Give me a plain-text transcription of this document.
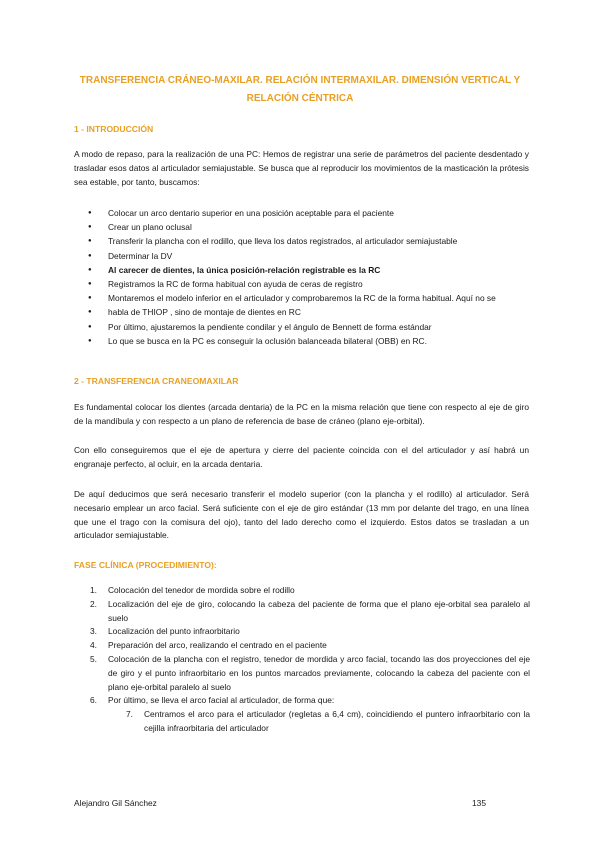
TRANSFERENCIA CRÁNEO-MAXILAR. RELACIÓN INTERMAXILAR. DIMENSIÓN VERTICAL Y RELACIÓN CÉNTRICA
1 - INTRODUCCIÓN
A modo de repaso, para la realización de una PC: Hemos de registrar una serie de parámetros del paciente desdentado y trasladar esos datos al articulador semiajustable. Se busca que al reproducir los movimientos de la masticación la prótesis sea estable, por tanto, buscamos:
● Colocar un arco dentario superior en una posición aceptable para el paciente
● Crear un plano oclusal
● Transferir la plancha con el rodillo, que lleva los datos registrados, al articulador semiajustable
● Determinar la DV
● Al carecer de dientes, la única posición-relación registrable es la RC
● Registramos la RC de forma habitual con ayuda de ceras de registro
● Montaremos el modelo inferior en el articulador y comprobaremos la RC de la forma habitual. Aquí no se
● habla de THIOP , sino de montaje de dientes en RC
● Por último, ajustaremos la pendiente condilar y el ángulo de Bennett de forma estándar
● Lo que se busca en la PC es conseguir la oclusión balanceada bilateral (OBB) en RC.
2 - TRANSFERENCIA CRANEOMAXILAR
Es fundamental colocar los dientes (arcada dentaria) de la PC en la misma relación que tiene con respecto al eje de giro de la mandíbula y con respecto a un plano de referencia de base de cráneo (plano eje-orbital).
Con ello conseguiremos que el eje de apertura y cierre del paciente coincida con el del articulador y así habrá un engranaje perfecto, al ocluir, en la arcada dentaria.
De aquí deducimos que será necesario transferir el modelo superior (con la plancha y el rodillo) al articulador. Será necesario emplear un arco facial. Será suficiente con el eje de giro estándar (13 mm por delante del trago, en una línea que une el trago con la comisura del ojo), tanto del lado derecho como el izquierdo. Estos datos se trasladan a un articulador semiajustable.
FASE CLÍNICA (PROCEDIMIENTO):
1. Colocación del tenedor de mordida sobre el rodillo
2. Localización del eje de giro, colocando la cabeza del paciente de forma que el plano eje-orbital sea paralelo al suelo
3. Localización del punto infraorbitario
4. Preparación del arco, realizando el centrado en el paciente
5. Colocación de la plancha con el registro, tenedor de mordida y arco facial, tocando las dos proyecciones del eje de giro y el punto infraorbitario en los puntos marcados previamente, colocando la cabeza del paciente con el plano eje-orbital paralelo al suelo
6. Por último, se lleva el arco facial al articulador, de forma que:
7. Centramos el arco para el articulador (regletas a 6,4 cm), coincidiendo el puntero infraorbitario con la cejilla infraorbitaria del articulador
Alejandro Gil Sánchez	135
